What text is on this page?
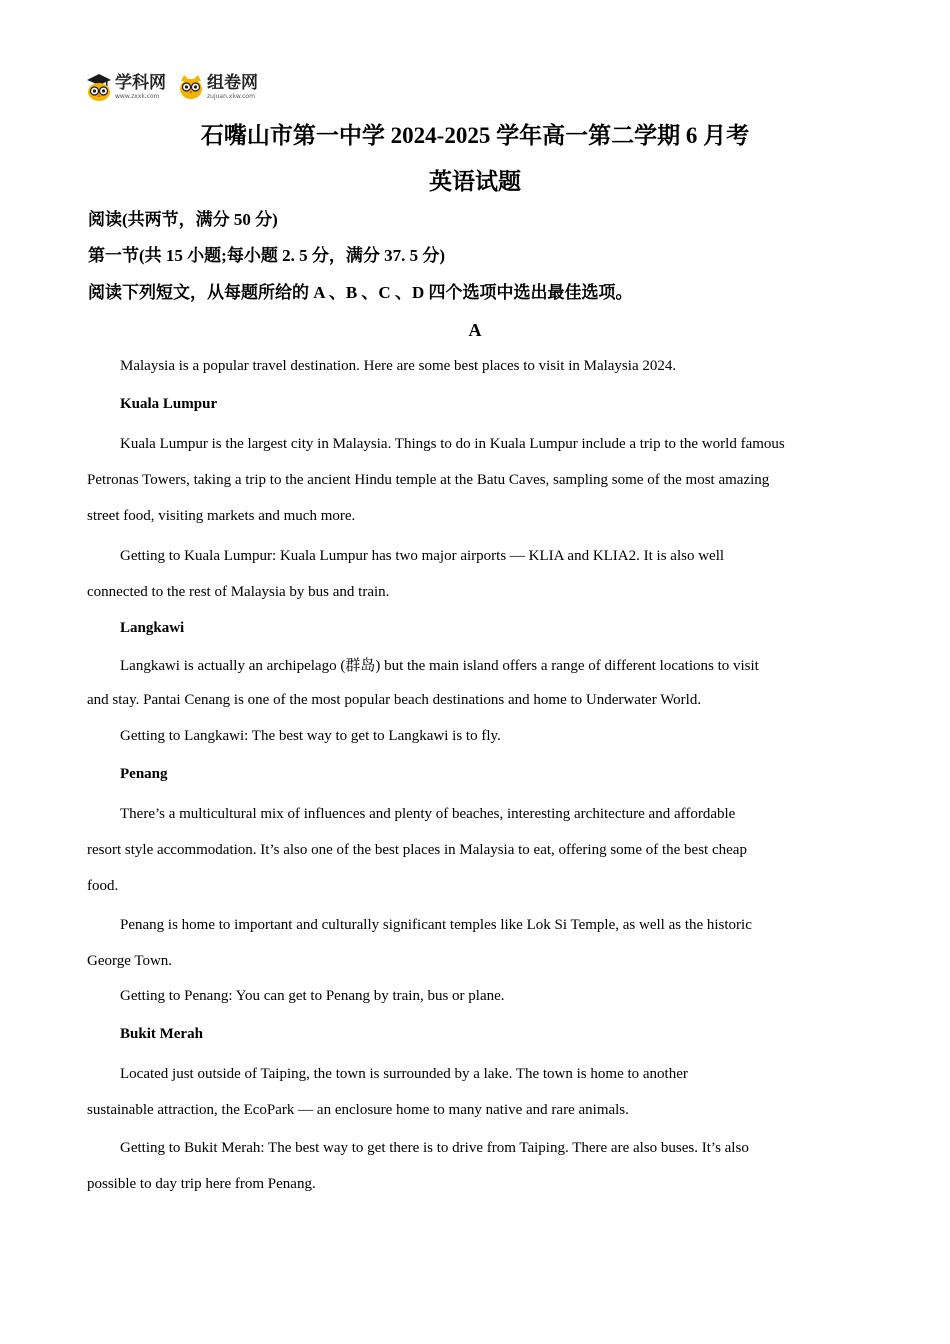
学科网
www.zxxk.com
组卷网
zujuan.xkw.com
石嘴山市第一中学 2024-2025 学年高一第二学期 6 月考
英语试题
阅读(共两节，满分 50 分)
第一节(共 15 小题;每小题 2. 5 分，满分 37. 5 分)
阅读下列短文，从每题所给的 A 、B 、C 、D 四个选项中选出最佳选项。
A
Malaysia is a popular travel destination. Here are some best places to visit in Malaysia 2024.
Kuala Lumpur
Kuala Lumpur is the largest city in Malaysia. Things to do in Kuala Lumpur include a trip to the world famous
Petronas Towers, taking a trip to the ancient Hindu temple at the Batu Caves, sampling some of the most amazing
street food, visiting markets and much more.
Getting to Kuala Lumpur: Kuala Lumpur has two major airports — KLIA and KLIA2. It is also well
connected to the rest of Malaysia by bus and train.
Langkawi
Langkawi is actually an archipelago (群岛) but the main island offers a range of different locations to visit
and stay. Pantai Cenang is one of the most popular beach destinations and home to Underwater World.
Getting to Langkawi: The best way to get to Langkawi is to fly.
Penang
There’s a multicultural mix of influences and plenty of beaches, interesting architecture and affordable
resort style accommodation. It’s also one of the best places in Malaysia to eat, offering some of the best cheap
food.
Penang is home to important and culturally significant temples like Lok Si Temple, as well as the historic
George Town.
Getting to Penang: You can get to Penang by train, bus or plane.
Bukit Merah
Located just outside of Taiping, the town is surrounded by a lake. The town is home to another
sustainable attraction, the EcoPark — an enclosure home to many native and rare animals.
Getting to Bukit Merah: The best way to get there is to drive from Taiping. There are also buses. It’s also
possible to day trip here from Penang.
